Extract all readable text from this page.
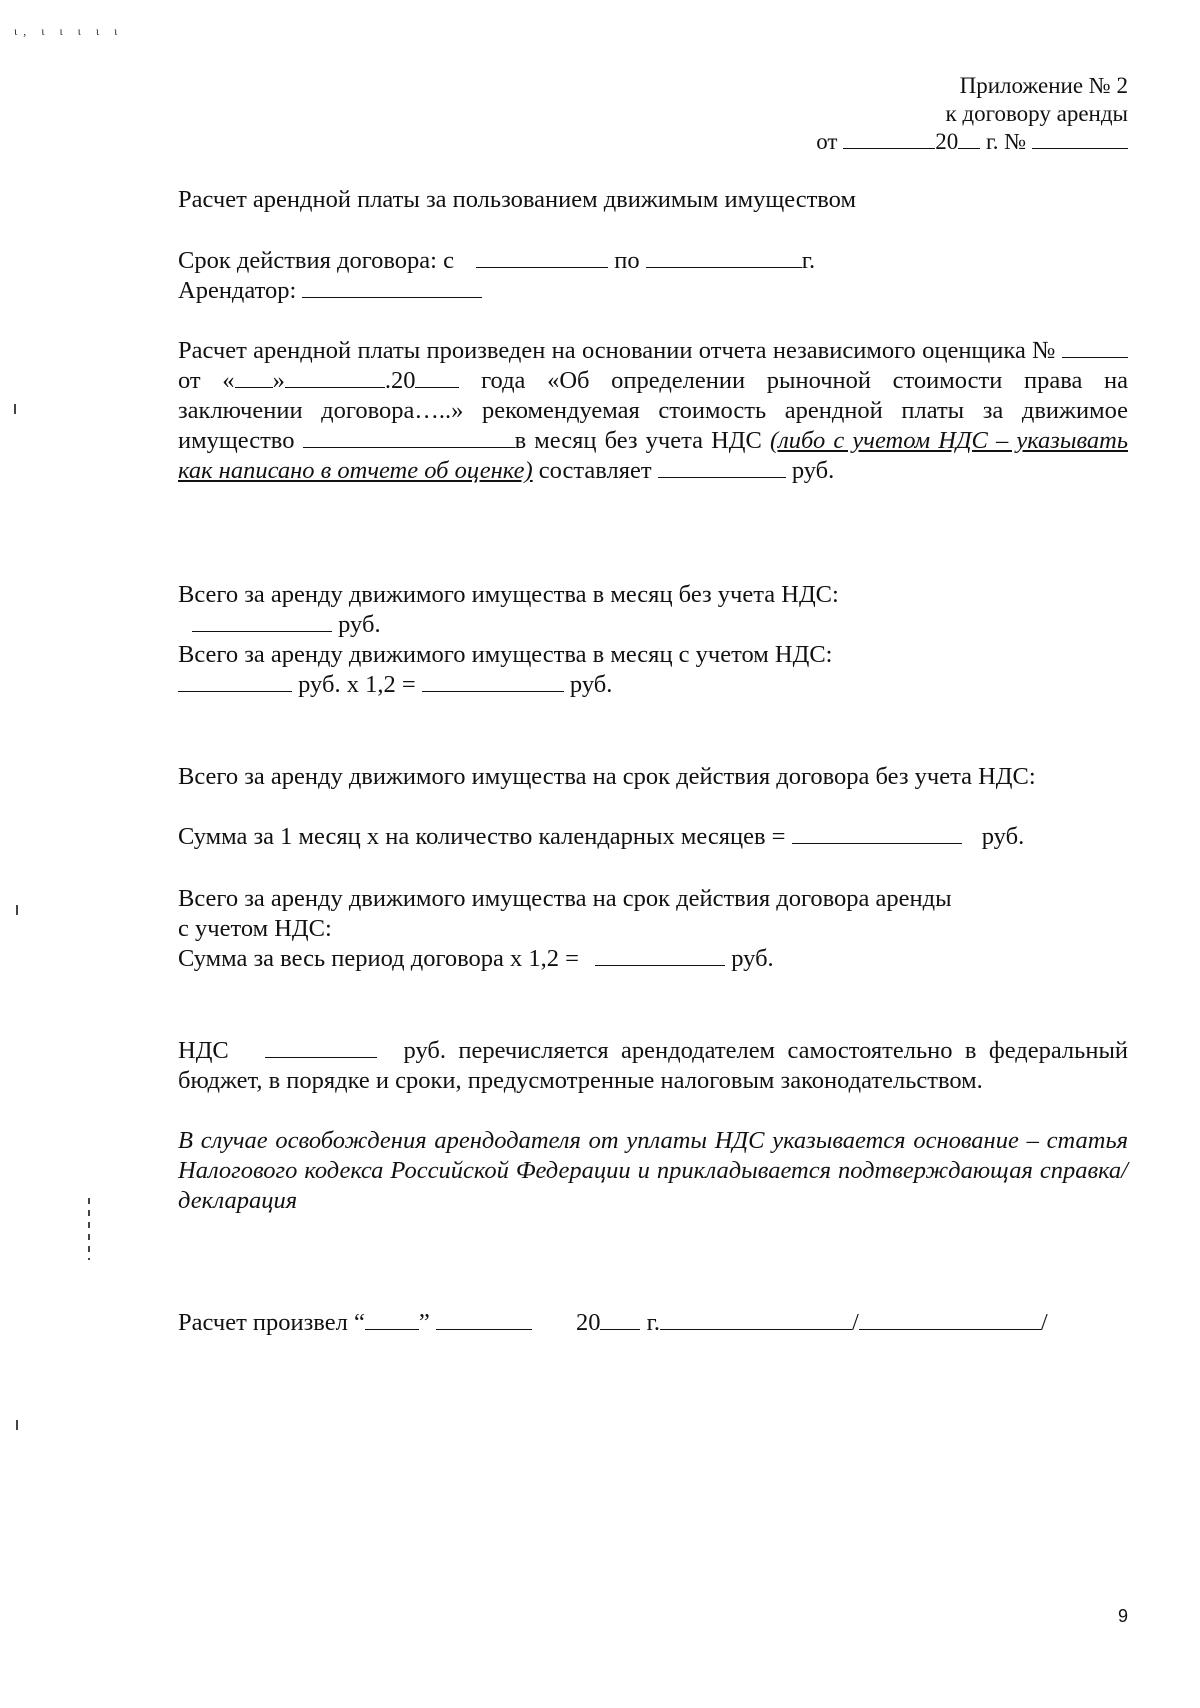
ι, ι ι ι ι ι
Приложение № 2
к договору аренды
от	20 г. №
Расчет арендной платы за пользованием движимым имуществом
Срок действия договора: с	по	г.
Арендатор:
Расчет арендной платы произведен на основании отчета независимого оценщика №  от « »	.20	года «Об определении рыночной стоимости права на заключении договора…..» рекомендуемая стоимость арендной платы за движимое имущество	в месяц без учета НДС (либо с учетом НДС – указывать как написано в отчете об оценке) составляет	руб.
Всего за аренду движимого имущества в месяц без учета НДС:
руб.
Всего за аренду движимого имущества в месяц с учетом НДС:
руб. х 1,2 =	руб.
Всего за аренду движимого имущества на срок действия договора без учета НДС:
Сумма за 1 месяц х на количество календарных месяцев =	руб.
Всего за аренду движимого имущества на срок действия договора аренды
с учетом НДС:
Сумма за весь период договора х 1,2 =	руб.
НДС	руб. перечисляется арендодателем самостоятельно в федеральный бюджет, в порядке и сроки, предусмотренные налоговым законодательством.
В случае освобождения арендодателя от уплаты НДС указывается основание – статья Налогового кодекса Российской Федерации и прикладывается подтверждающая справка/декларация
Расчет произвел “ ”	20 г.	/	/
9
